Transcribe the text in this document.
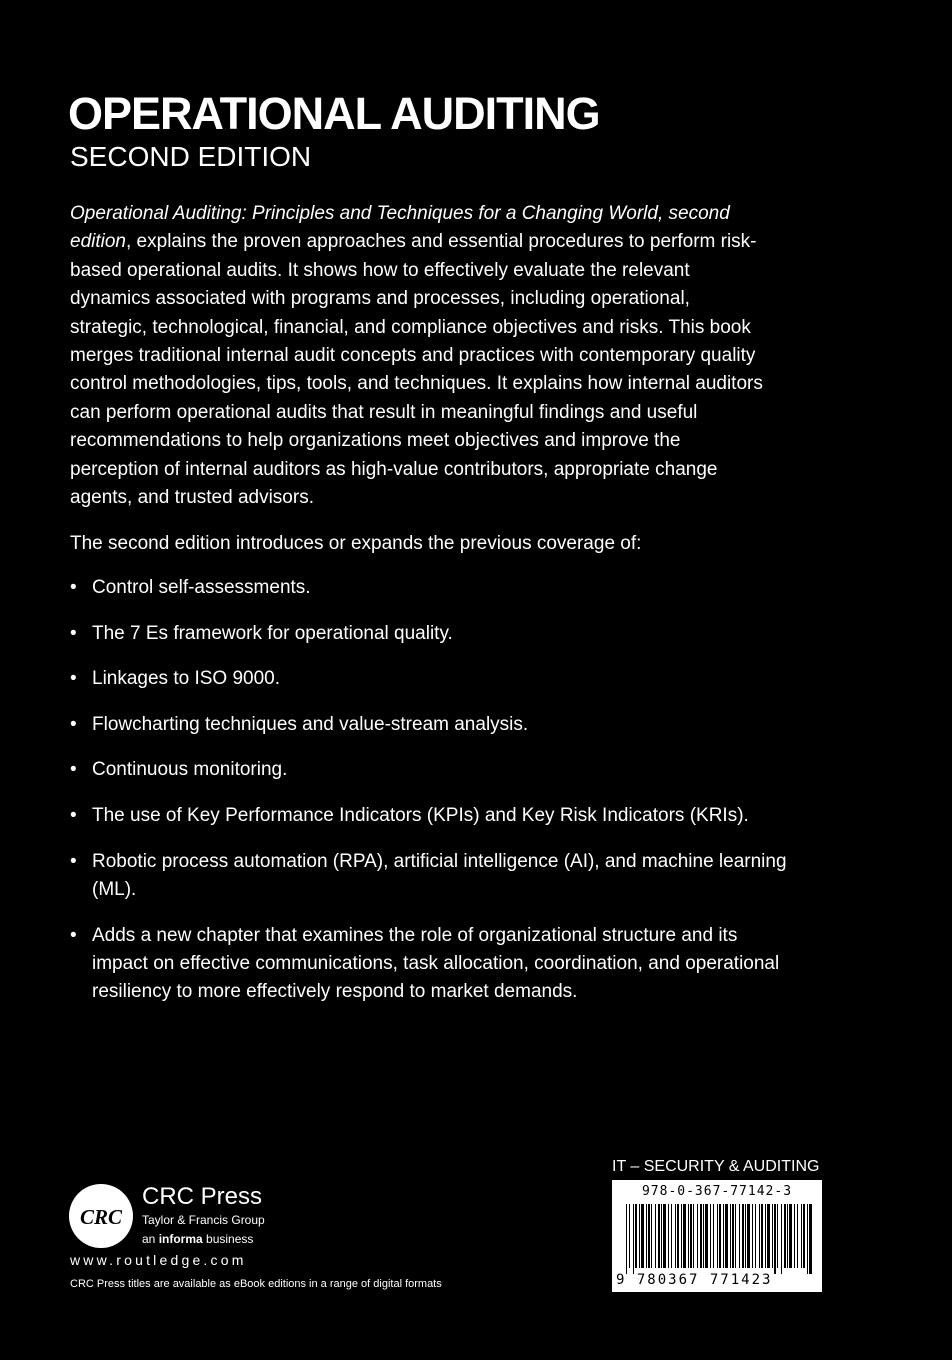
OPERATIONAL AUDITING
SECOND EDITION

Operational Auditing: Principles and Techniques for a Changing World, second edition, explains the proven approaches and essential procedures to perform risk-based operational audits. It shows how to effectively evaluate the relevant dynamics associated with programs and processes, including operational, strategic, technological, financial, and compliance objectives and risks. This book merges traditional internal audit concepts and practices with contemporary quality control methodologies, tips, tools, and techniques. It explains how internal auditors can perform operational audits that result in meaningful findings and useful recommendations to help organizations meet objectives and improve the perception of internal auditors as high-value contributors, appropriate change agents, and trusted advisors.

The second edition introduces or expands the previous coverage of:

• Control self-assessments.
• The 7 Es framework for operational quality.
• Linkages to ISO 9000.
• Flowcharting techniques and value-stream analysis.
• Continuous monitoring.
• The use of Key Performance Indicators (KPIs) and Key Risk Indicators (KRIs).
• Robotic process automation (RPA), artificial intelligence (AI), and machine learning (ML).
• Adds a new chapter that examines the role of organizational structure and its impact on effective communications, task allocation, coordination, and operational resiliency to more effectively respond to market demands.
IT – SECURITY & AUDITING
978-0-367-77142-3
9 780367 771423
CRC
CRC Press
Taylor & Francis Group
an informa business
www.routledge.com
CRC Press titles are available as eBook editions in a range of digital formats
